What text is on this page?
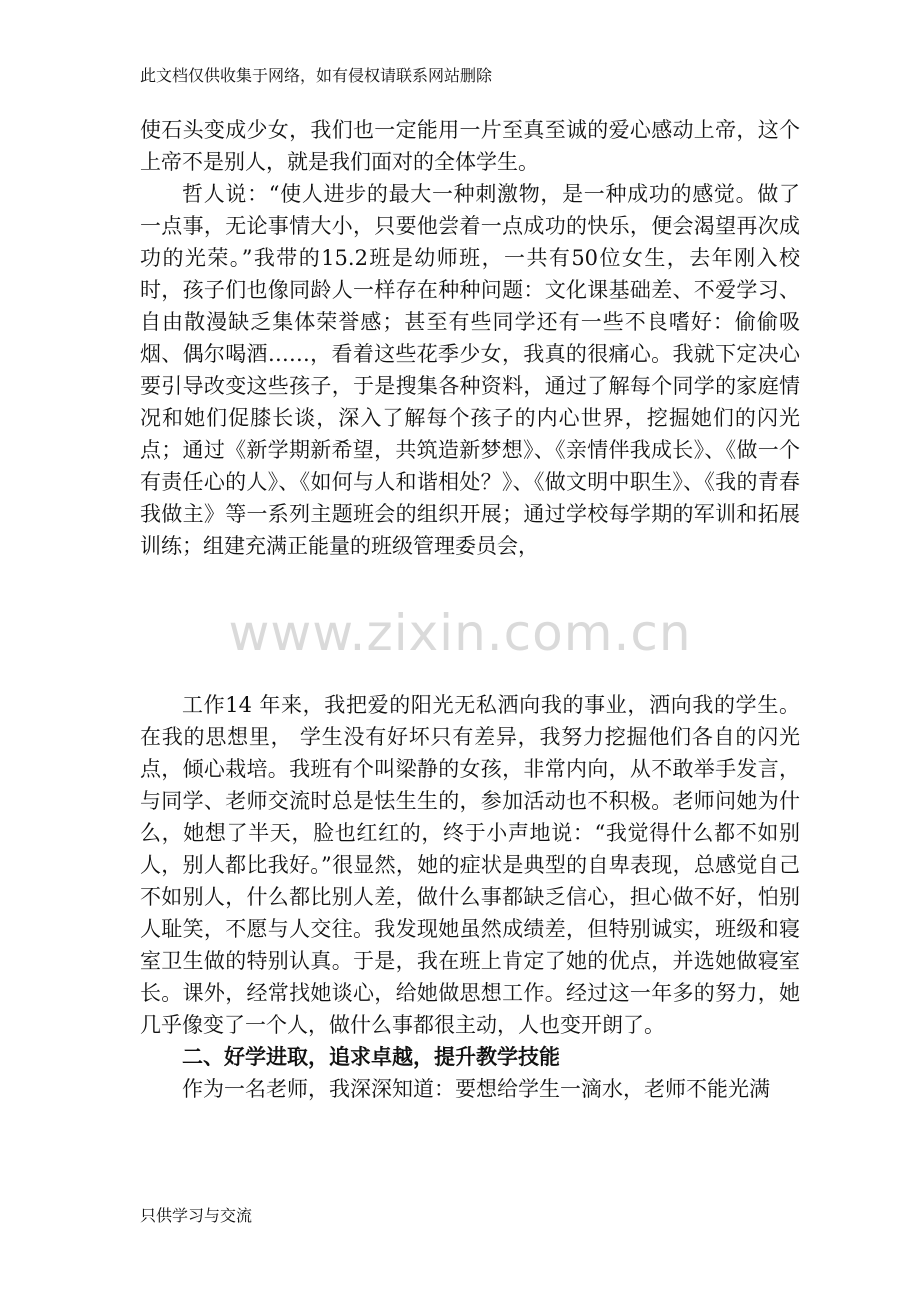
此文档仅供收集于网络，如有侵权请联系网站删除

使石头变成少女，我们也一定能用一片至真至诚的爱心感动上帝，这个上帝不是别人，就是我们面对的全体学生。

哲人说：“使人进步的最大一种刺激物，是一种成功的感觉。做了一点事，无论事情大小，只要他尝着一点成功的快乐，便会渴望再次成功的光荣。”我带的15.2班是幼师班，一共有50位女生，去年刚入校时，孩子们也像同龄人一样存在种种问题：文化课基础差、不爱学习、自由散漫缺乏集体荣誉感；甚至有些同学还有一些不良嗜好：偷偷吸烟、偶尔喝酒……，看着这些花季少女，我真的很痛心。我就下定决心要引导改变这些孩子，于是搜集各种资料，通过了解每个同学的家庭情况和她们促膝长谈，深入了解每个孩子的内心世界，挖掘她们的闪光点；通过《新学期新希望，共筑造新梦想》、《亲情伴我成长》、《做一个有责任心的人》、《如何与人和谐相处？》、《做文明中职生》、《我的青春我做主》等一系列主题班会的组织开展；通过学校每学期的军训和拓展训练；组建充满正能量的班级管理委员会，

www.zixin.com.cn

工作14 年来，我把爱的阳光无私洒向我的事业，洒向我的学生。在我的思想里， 学生没有好坏只有差异，我努力挖掘他们各自的闪光点，倾心栽培。我班有个叫梁静的女孩，非常内向，从不敢举手发言，与同学、老师交流时总是怯生生的，参加活动也不积极。老师问她为什么，她想了半天，脸也红红的，终于小声地说：“我觉得什么都不如别人，别人都比我好。”很显然，她的症状是典型的自卑表现，总感觉自己不如别人，什么都比别人差，做什么事都缺乏信心，担心做不好，怕别人耻笑，不愿与人交往。我发现她虽然成绩差，但特别诚实，班级和寝室卫生做的特别认真。于是，我在班上肯定了她的优点，并选她做寝室长。课外，经常找她谈心，给她做思想工作。经过这一年多的努力，她几乎像变了一个人，做什么事都很主动，人也变开朗了。

二、好学进取，追求卓越，提升教学技能

作为一名老师，我深深知道：要想给学生一滴水，老师不能光满

只供学习与交流
